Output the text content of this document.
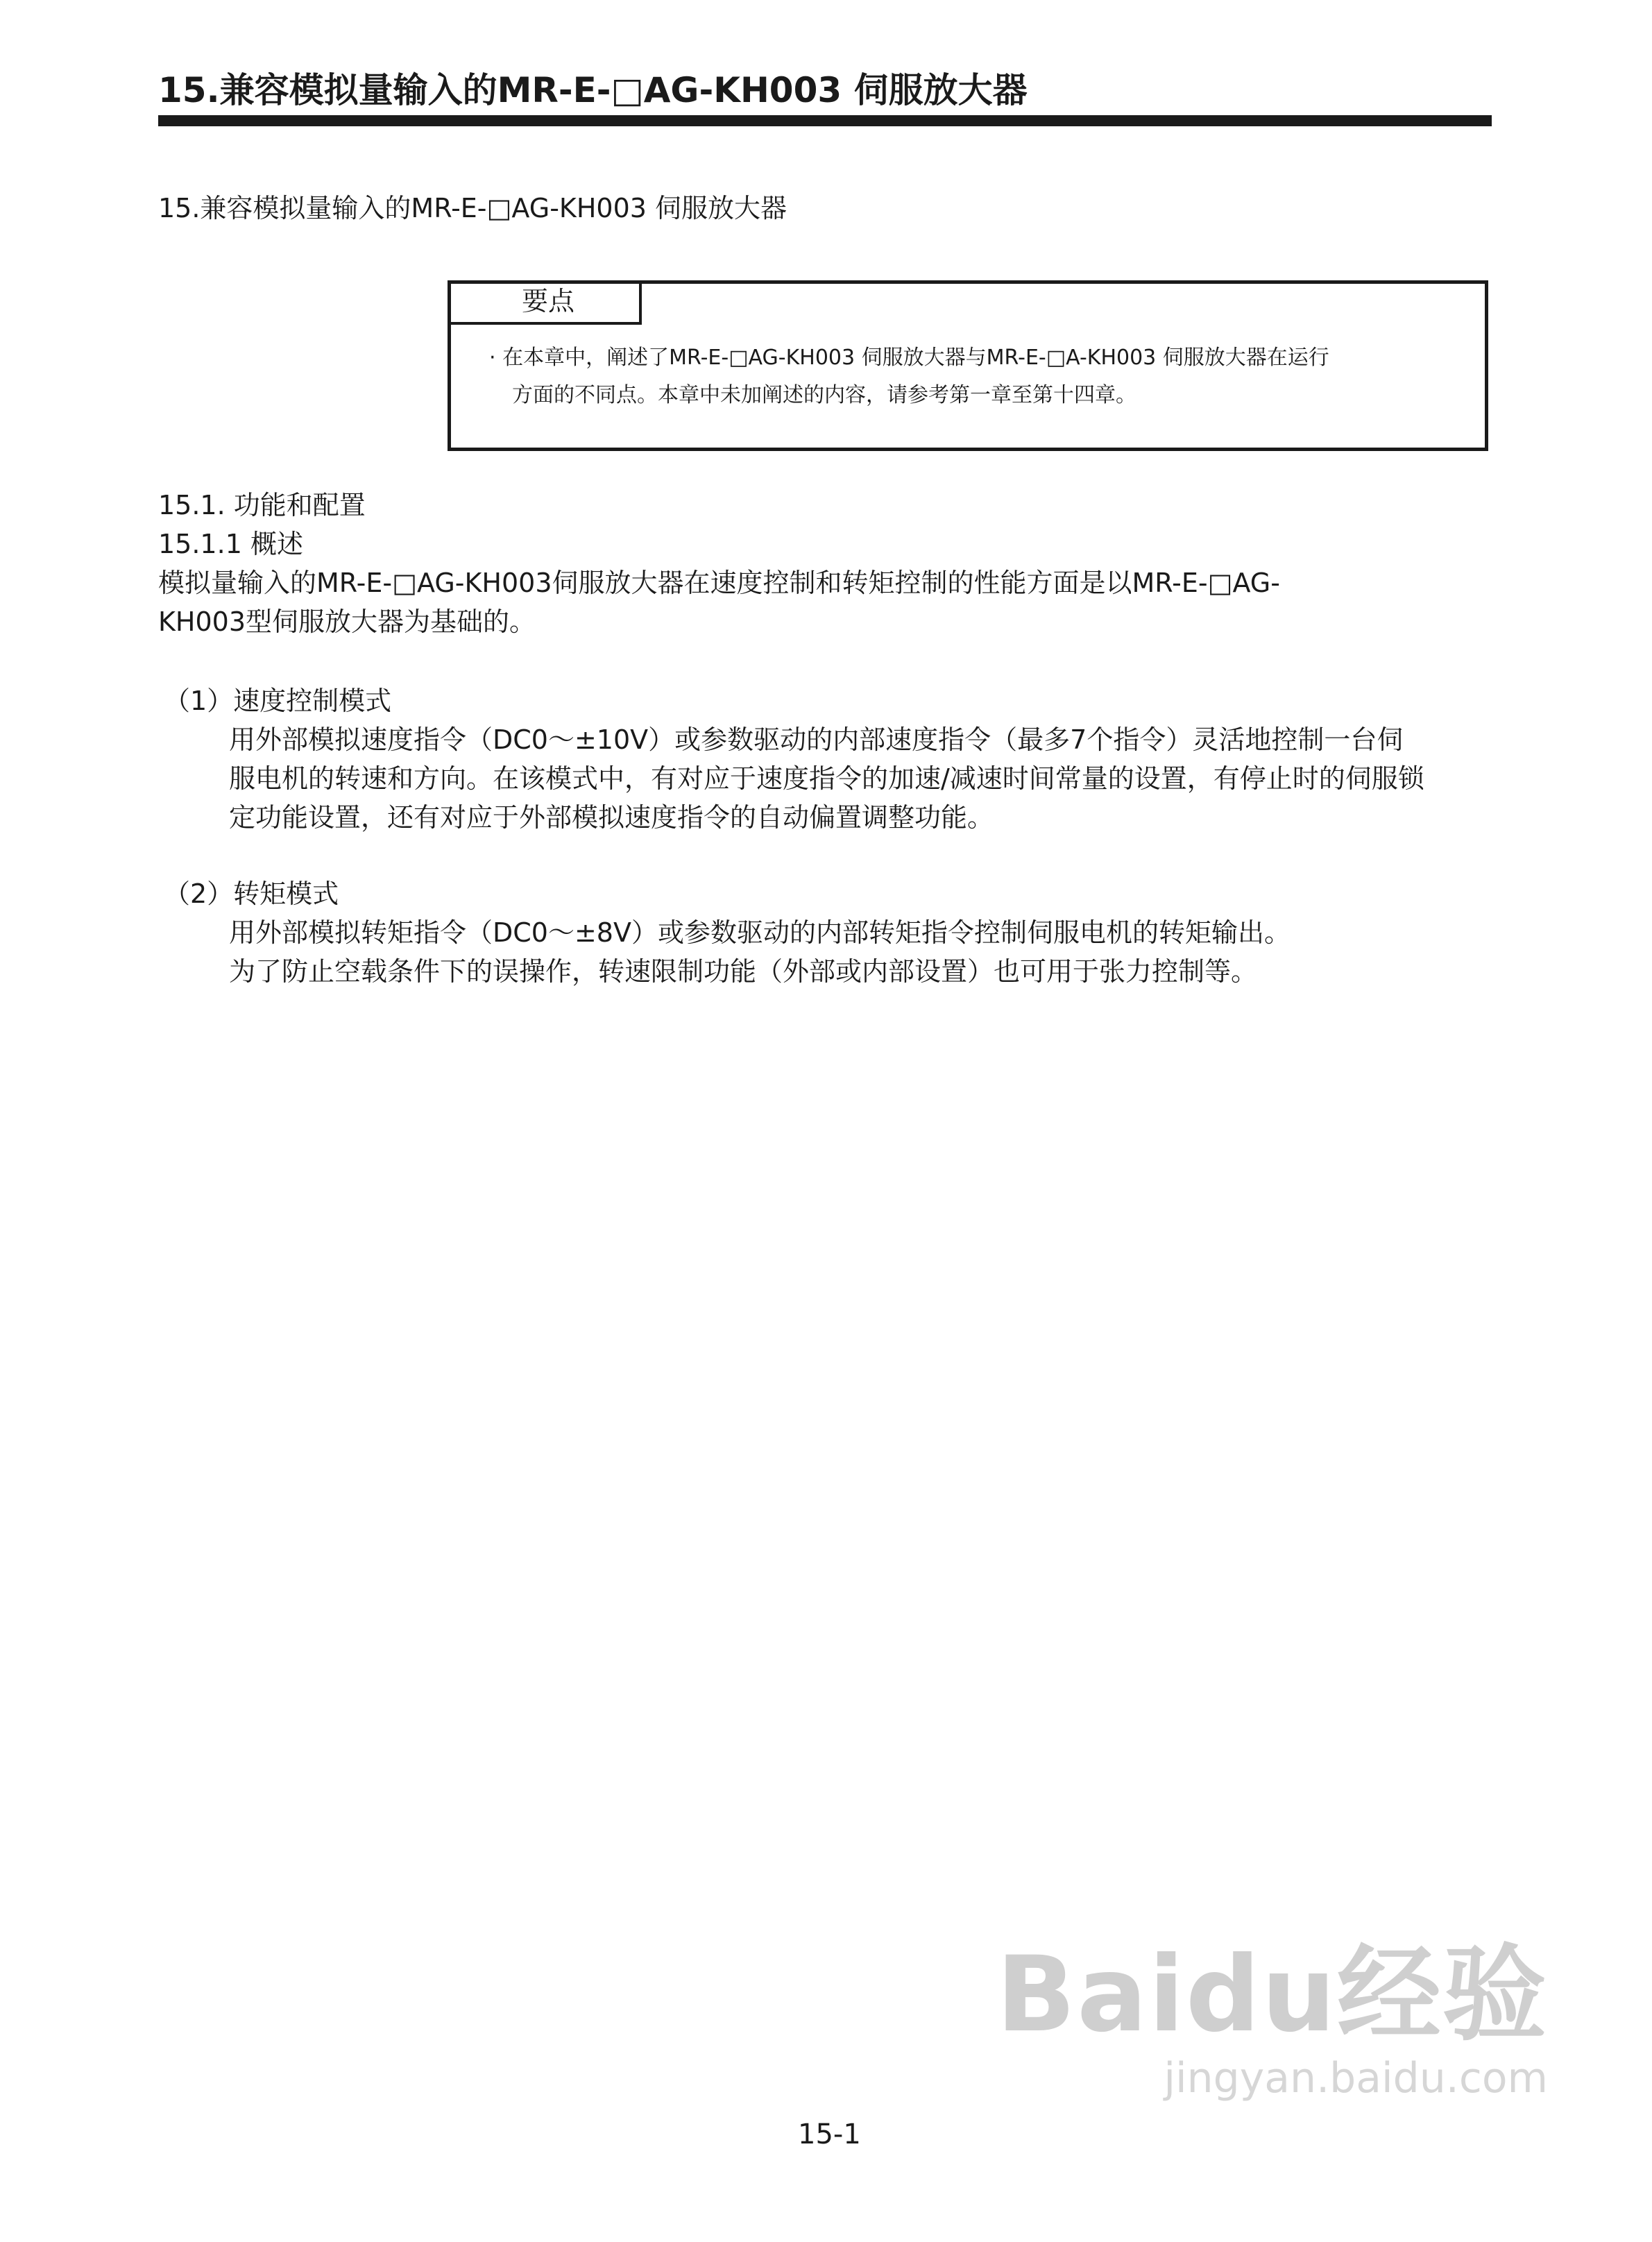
15.兼容模拟量输入的MR-E-□AG-KH003 伺服放大器
15.兼容模拟量输入的MR-E-□AG-KH003 伺服放大器
要点
· 在本章中，阐述了MR-E-□AG-KH003 伺服放大器与MR-E-□A-KH003 伺服放大器在运行
方面的不同点。本章中未加阐述的内容，请参考第一章至第十四章。
15.1. 功能和配置
15.1.1 概述
模拟量输入的MR-E-□AG-KH003伺服放大器在速度控制和转矩控制的性能方面是以MR-E-□AG-
KH003型伺服放大器为基础的。
（1）速度控制模式
用外部模拟速度指令（DC0～±10V）或参数驱动的内部速度指令（最多7个指令）灵活地控制一台伺
服电机的转速和方向。在该模式中，有对应于速度指令的加速/减速时间常量的设置，有停止时的伺服锁
定功能设置，还有对应于外部模拟速度指令的自动偏置调整功能。
（2）转矩模式
用外部模拟转矩指令（DC0～±8V）或参数驱动的内部转矩指令控制伺服电机的转矩输出。
为了防止空载条件下的误操作，转速限制功能（外部或内部设置）也可用于张力控制等。
15-1
Baidu经验
jingyan.baidu.com
